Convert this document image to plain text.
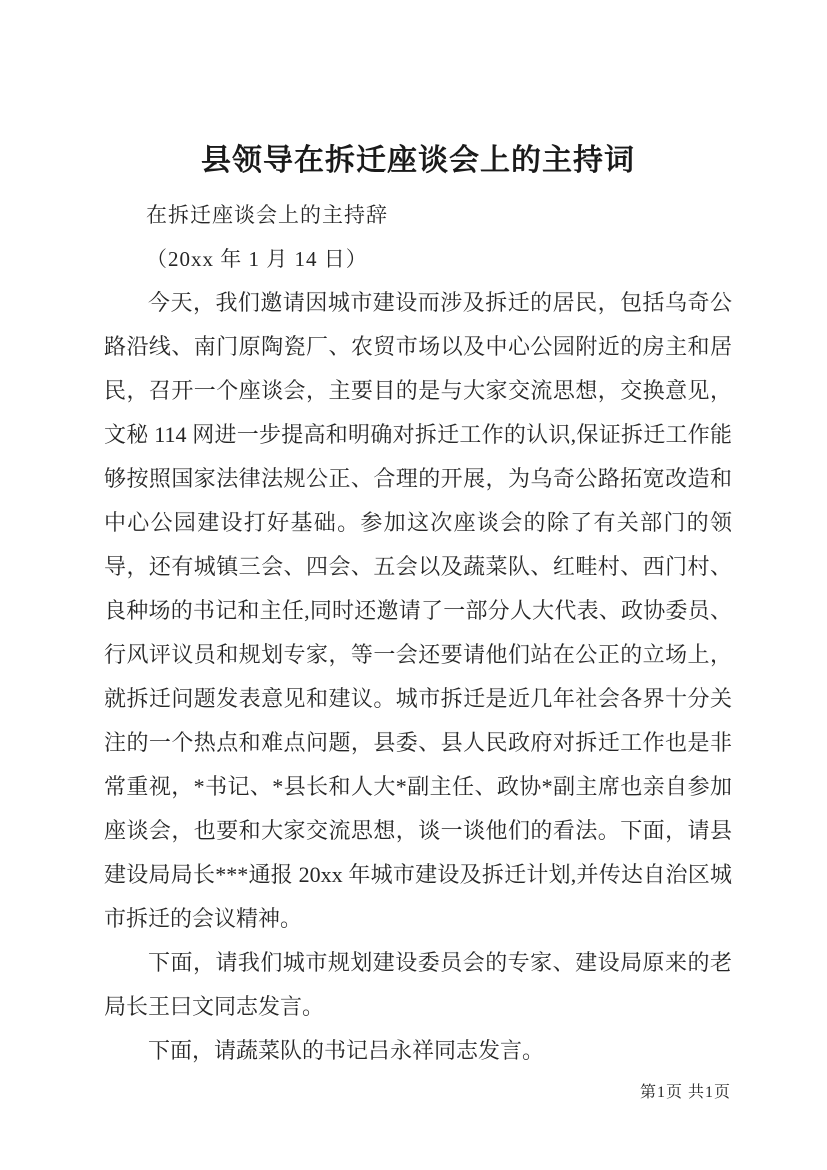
县领导在拆迁座谈会上的主持词

在拆迁座谈会上的主持辞

（20xx 年 1 月 14 日）

今天，我们邀请因城市建设而涉及拆迁的居民，包括乌奇公路沿线、南门原陶瓷厂、农贸市场以及中心公园附近的房主和居民，召开一个座谈会，主要目的是与大家交流思想，交换意见，文秘 114 网进一步提高和明确对拆迁工作的认识,保证拆迁工作能够按照国家法律法规公正、合理的开展，为乌奇公路拓宽改造和中心公园建设打好基础。参加这次座谈会的除了有关部门的领导，还有城镇三会、四会、五会以及蔬菜队、红畦村、西门村、良种场的书记和主任,同时还邀请了一部分人大代表、政协委员、行风评议员和规划专家，等一会还要请他们站在公正的立场上，就拆迁问题发表意见和建议。城市拆迁是近几年社会各界十分关注的一个热点和难点问题，县委、县人民政府对拆迁工作也是非常重视，*书记、*县长和人大*副主任、政协*副主席也亲自参加座谈会，也要和大家交流思想，谈一谈他们的看法。下面，请县建设局局长***通报 20xx 年城市建设及拆迁计划,并传达自治区城市拆迁的会议精神。

下面，请我们城市规划建设委员会的专家、建设局原来的老局长王曰文同志发言。

下面，请蔬菜队的书记吕永祥同志发言。

第1页 共1页
